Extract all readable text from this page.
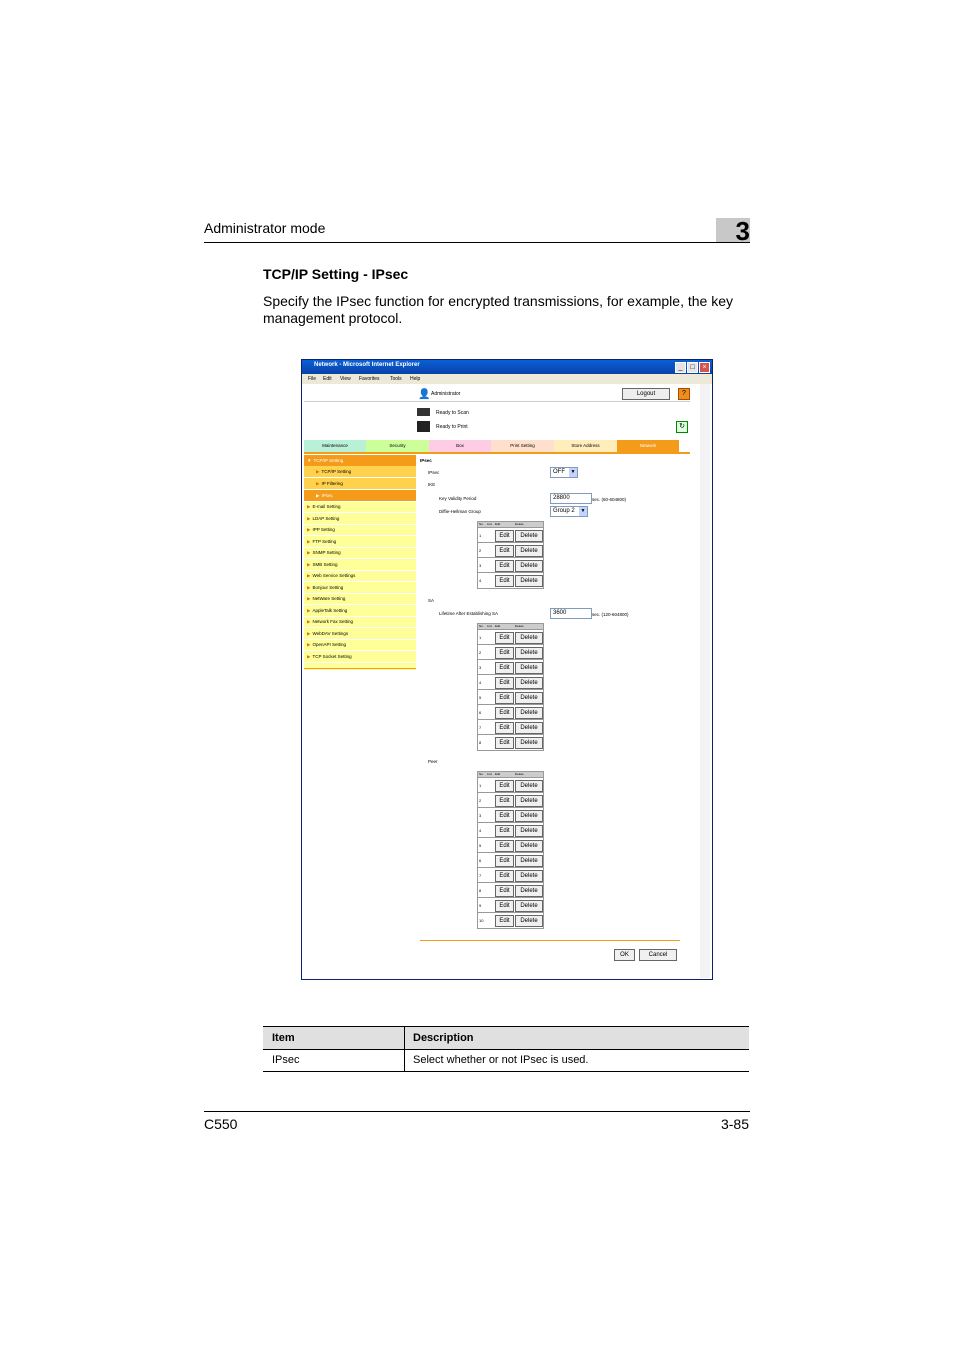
Administrator mode	3
TCP/IP Setting - IPsec
Specify the IPsec function for encrypted transmissions, for example, the key management protocol.
Network - Microsoft Internet Explorer	_	□	×
File Edit View Favorites Tools Help
👤 Administrator	Logout	?
Ready to Scan
Ready to Print	↻
Maintenance	Security	Box	Print Setting	Store Address	Network
▼ TCP/IP Setting
▶ TCP/IP Setting
▶ IP Filtering
▶ IPsec
▶ E-mail Setting
▶ LDAP Setting
▶ IPP Setting
▶ FTP Setting
▶ SNMP Setting
▶ SMB Setting
▶ Web Service Settings
▶ Bonjour Setting
▶ NetWare Setting
▶ AppleTalk Setting
▶ Network Fax Setting
▶ WebDAV Settings
▶ OpenAPI Setting
▶ TCP Socket Setting
IPsec
IPsec	OFF	▼
IKE
Key Validity Period	28800	sec. (60-604800)
Diffie-Hellman Group	Group 2	▼
No. List Edit	Delete
1	Edit	Delete
2	Edit	Delete
3	Edit	Delete
4	Edit	Delete
SA
Lifetime After Establishing SA	3600	sec. (120-604800)
No. List Edit	Delete
1	Edit	Delete
2	Edit	Delete
3	Edit	Delete
4	Edit	Delete
5	Edit	Delete
6	Edit	Delete
7	Edit	Delete
8	Edit	Delete
Peer
No. List Edit	Delete
1	Edit	Delete
2	Edit	Delete
3	Edit	Delete
4	Edit	Delete
5	Edit	Delete
6	Edit	Delete
7	Edit	Delete
8	Edit	Delete
9	Edit	Delete
10	Edit	Delete
OK	Cancel
Item	Description
IPsec	Select whether or not IPsec is used.
C550	3-85
